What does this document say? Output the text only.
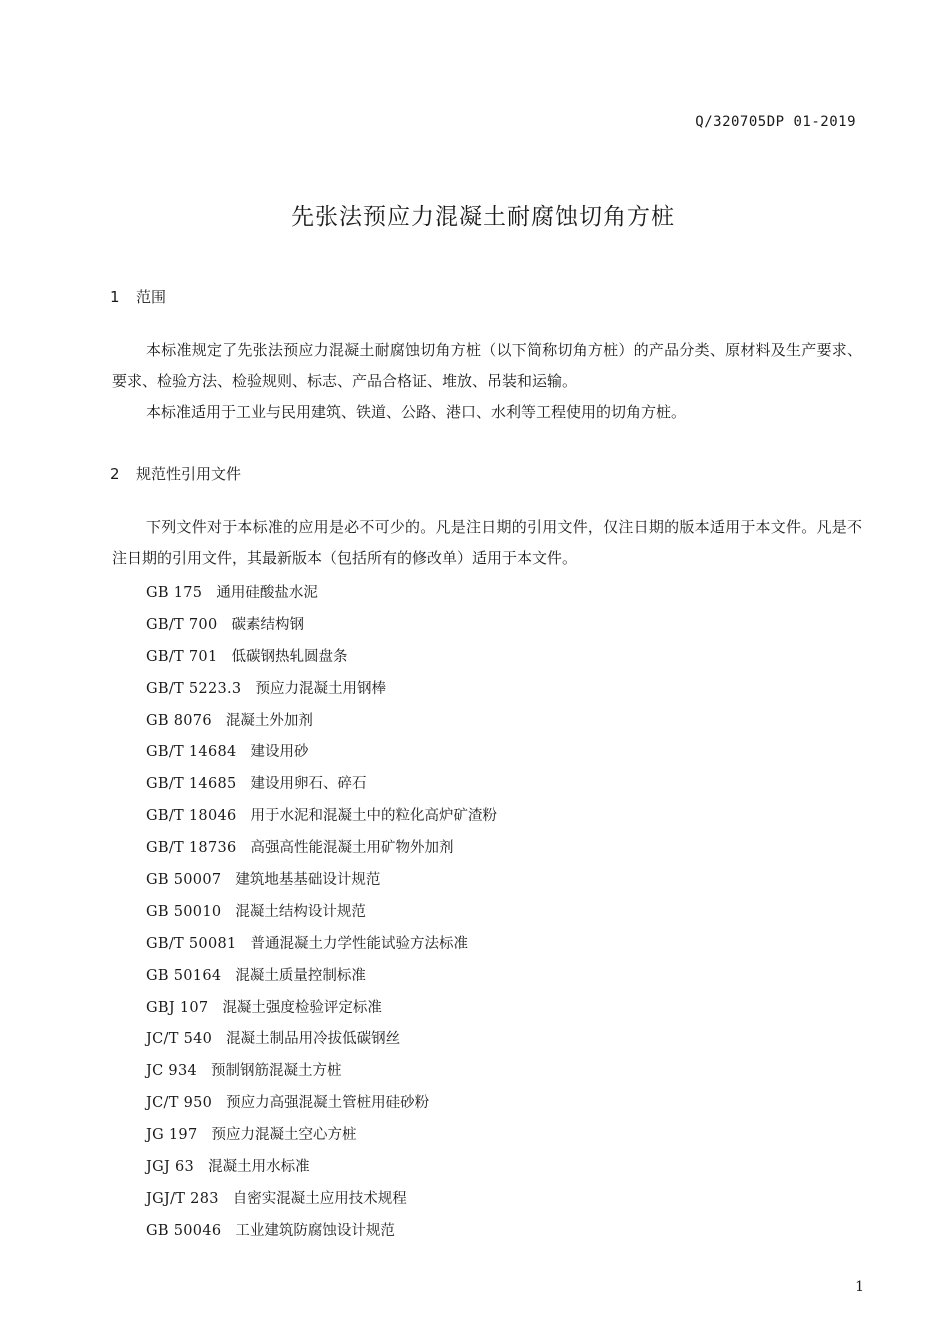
Q/320705DP 01-2019
先张法预应力混凝土耐腐蚀切角方桩
1 范围

本标准规定了先张法预应力混凝土耐腐蚀切角方桩（以下简称切角方桩）的产品分类、原材料及生产要求、要求、检验方法、检验规则、标志、产品合格证、堆放、吊装和运输。

本标准适用于工业与民用建筑、铁道、公路、港口、水利等工程使用的切角方桩。

2 规范性引用文件

下列文件对于本标准的应用是必不可少的。凡是注日期的引用文件，仅注日期的版本适用于本文件。凡是不注日期的引用文件，其最新版本（包括所有的修改单）适用于本文件。

GB 175 通用硅酸盐水泥
GB/T 700 碳素结构钢
GB/T 701 低碳钢热轧圆盘条
GB/T 5223.3 预应力混凝土用钢棒
GB 8076 混凝土外加剂
GB/T 14684 建设用砂
GB/T 14685 建设用卵石、碎石
GB/T 18046 用于水泥和混凝土中的粒化高炉矿渣粉
GB/T 18736 高强高性能混凝土用矿物外加剂
GB 50007 建筑地基基础设计规范
GB 50010 混凝土结构设计规范
GB/T 50081 普通混凝土力学性能试验方法标准
GB 50164 混凝土质量控制标准
GBJ 107 混凝土强度检验评定标准
JC/T 540 混凝土制品用冷拔低碳钢丝
JC 934 预制钢筋混凝土方桩
JC/T 950 预应力高强混凝土管桩用硅砂粉
JG 197 预应力混凝土空心方桩
JGJ 63 混凝土用水标准
JGJ/T 283 自密实混凝土应用技术规程
GB 50046 工业建筑防腐蚀设计规范
1
